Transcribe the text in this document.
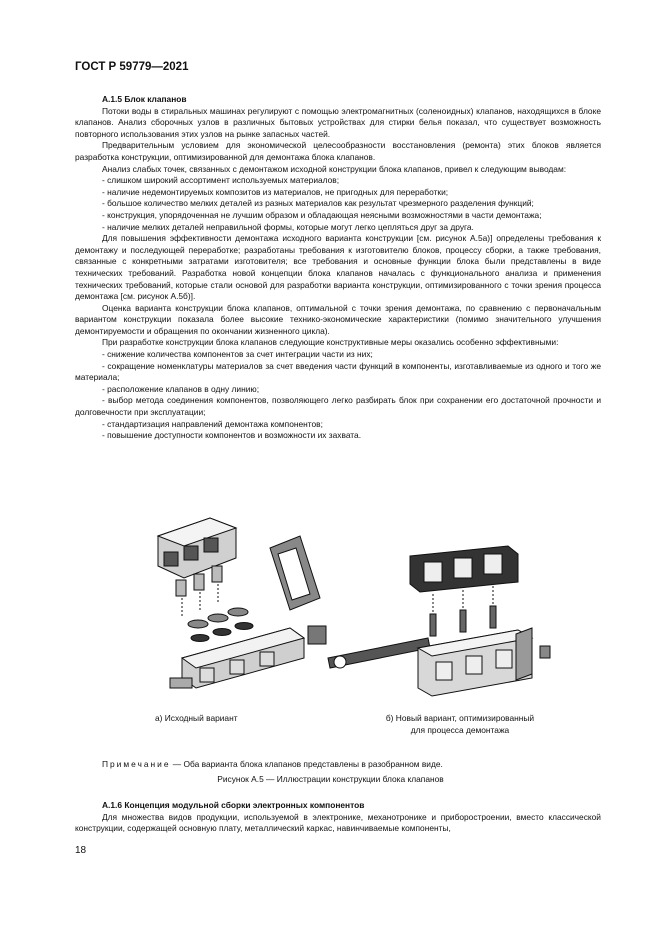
ГОСТ Р 59779—2021

А.1.5 Блок клапанов

Потоки воды в стиральных машинах регулируют с помощью электромагнитных (соленоидных) клапанов, находящихся в блоке клапанов. Анализ сборочных узлов в различных бытовых устройствах для стирки белья показал, что существует возможность повторного использования этих узлов на рынке запасных частей.

Предварительным условием для экономической целесообразности восстановления (ремонта) этих блоков является разработка конструкции, оптимизированной для демонтажа блока клапанов.

Анализ слабых точек, связанных с демонтажом исходной конструкции блока клапанов, привел к следующим выводам:

- слишком широкий ассортимент используемых материалов;

- наличие недемонтируемых композитов из материалов, не пригодных для переработки;

- большое количество мелких деталей из разных материалов как результат чрезмерного разделения функций;

- конструкция, упорядоченная не лучшим образом и обладающая неясными возможностями в части демонтажа;

- наличие мелких деталей неправильной формы, которые могут легко цепляться друг за друга.

Для повышения эффективности демонтажа исходного варианта конструкции [см. рисунок А.5а)] определены требования к демонтажу и последующей переработке; разработаны требования к изготовителю блоков, процессу сборки, а также требования, связанные с конкретными затратами изготовителя; все требования и основные функции блока были представлены в виде технических требований. Разработка новой концепции блока клапанов началась с функционального анализа и применения технических требований, которые стали основой для разработки варианта конструкции, оптимизированного с точки зрения процесса демонтажа [см. рисунок А.5б)].

Оценка варианта конструкции блока клапанов, оптимальной с точки зрения демонтажа, по сравнению с первоначальным вариантом конструкции показала более высокие технико-экономические характеристики (помимо значительного улучшения демонтируемости и обращения по окончании жизненного цикла).

При разработке конструкции блока клапанов следующие конструктивные меры оказались особенно эффективными:

- снижение количества компонентов за счет интеграции части из них;

- сокращение номенклатуры материалов за счет введения части функций в компоненты, изготавливаемые из одного и того же материала;

- расположение клапанов в одну линию;

- выбор метода соединения компонентов, позволяющего легко разбирать блок при сохранении его достаточной прочности и долговечности при эксплуатации;

- стандартизация направлений демонтажа компонентов;

- повышение доступности компонентов и возможности их захвата.

а) Исходный вариант	б) Новый вариант, оптимизированный
для процесса демонтажа
Примечание — Оба варианта блока клапанов представлены в разобранном виде.
Рисунок А.5 — Иллюстрации конструкции блока клапанов

А.1.6 Концепция модульной сборки электронных компонентов

Для множества видов продукции, используемой в электронике, механотронике и приборостроении, вместо классической конструкции, содержащей основную плату, металлический каркас, навинчиваемые компоненты,

18
